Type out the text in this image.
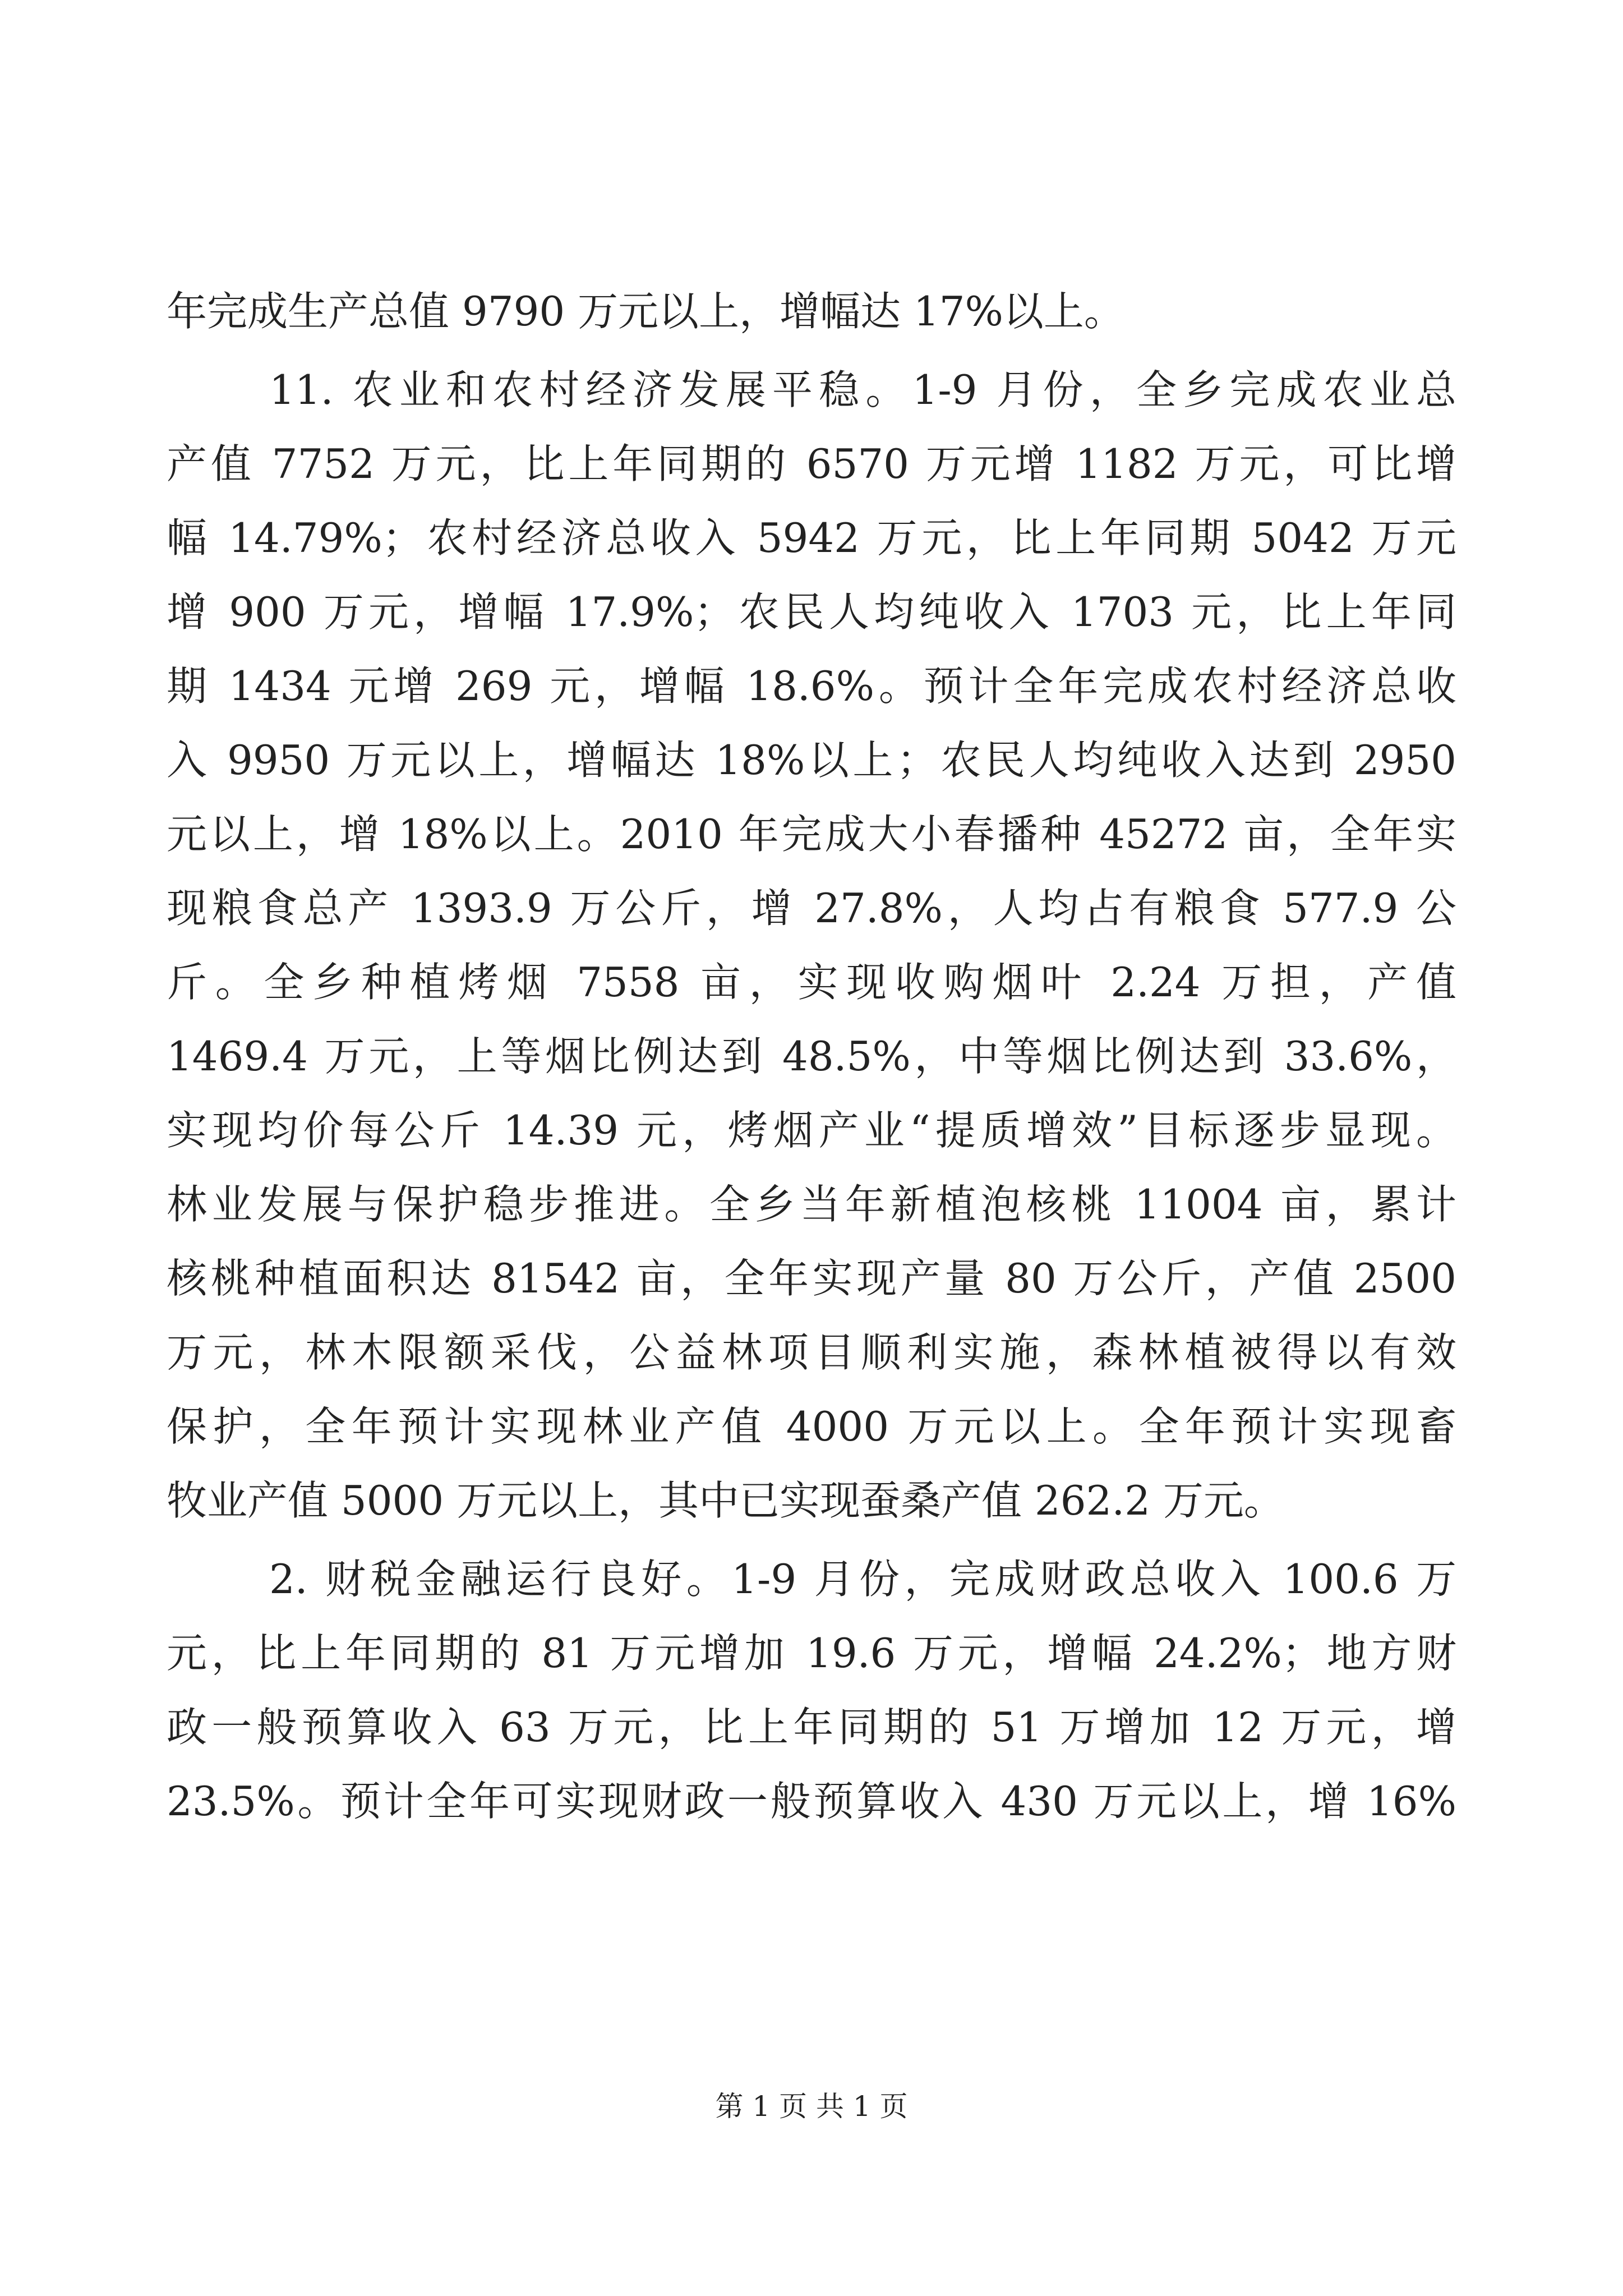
年完成生产总值 9790 万元以上，增幅达 17%以上。
11. 农业和农村经济发展平稳。1-9 月份，全乡完成农业总
产值 7752 万元，比上年同期的 6570 万元增 1182 万元，可比增
幅 14.79%；农村经济总收入 5942 万元，比上年同期 5042 万元
增 900 万元，增幅 17.9%；农民人均纯收入 1703 元，比上年同
期 1434 元增 269 元，增幅 18.6%。预计全年完成农村经济总收
入 9950 万元以上，增幅达 18%以上；农民人均纯收入达到 2950
元以上，增 18%以上。2010 年完成大小春播种 45272 亩，全年实
现粮食总产 1393.9 万公斤，增 27.8%，人均占有粮食 577.9 公
斤。全乡种植烤烟 7558 亩，实现收购烟叶 2.24 万担，产值
1469.4 万元，上等烟比例达到 48.5%，中等烟比例达到 33.6%，
实现均价每公斤 14.39 元，烤烟产业“提质增效”目标逐步显现。
林业发展与保护稳步推进。全乡当年新植泡核桃 11004 亩，累计
核桃种植面积达 81542 亩，全年实现产量 80 万公斤，产值 2500
万元，林木限额采伐，公益林项目顺利实施，森林植被得以有效
保护，全年预计实现林业产值 4000 万元以上。全年预计实现畜
牧业产值 5000 万元以上，其中已实现蚕桑产值 262.2 万元。
2. 财税金融运行良好。1-9 月份，完成财政总收入 100.6 万
元，比上年同期的 81 万元增加 19.6 万元，增幅 24.2%；地方财
政一般预算收入 63 万元，比上年同期的 51 万增加 12 万元，增
23.5%。预计全年可实现财政一般预算收入 430 万元以上，增 16%
第 1 页 共 1 页
